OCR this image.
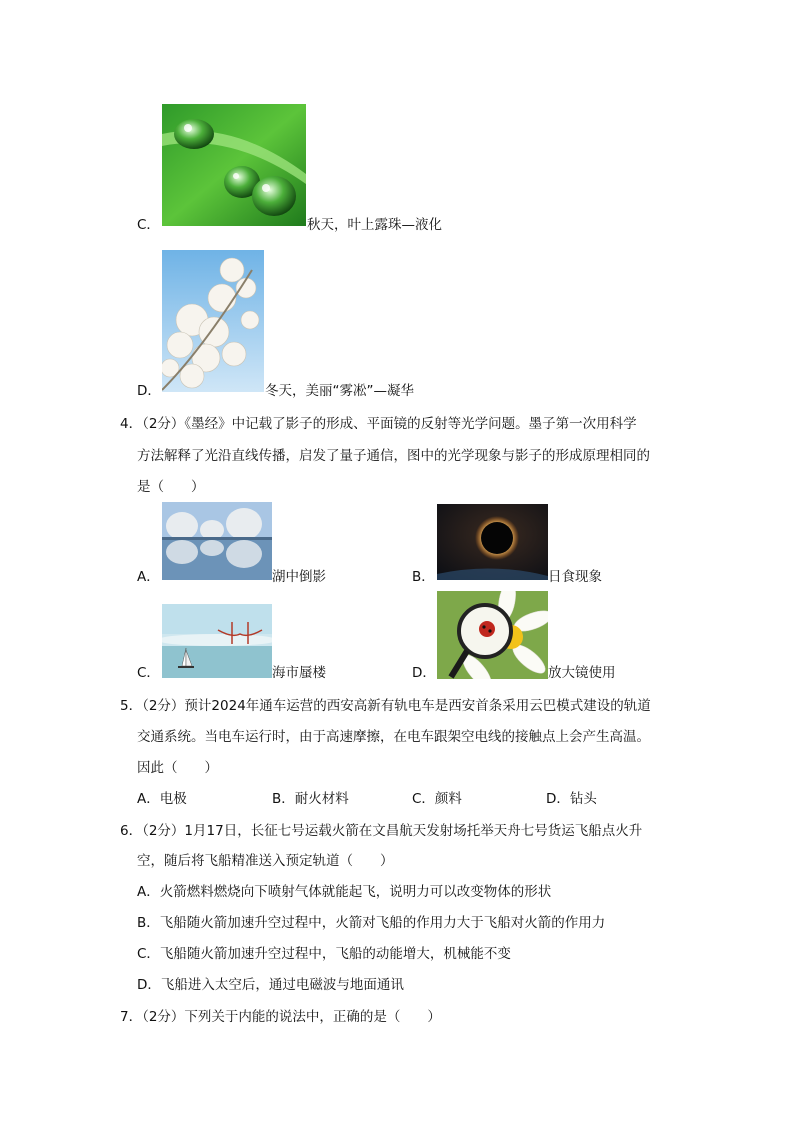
C．	秋天，叶上露珠—液化
D．	冬天，美丽“雾凇”—凝华
4．（2分）《墨经》中记载了影子的形成、平面镜的反射等光学问题。墨子第一次用科学
方法解释了光沿直线传播，启发了量子通信，图中的光学现象与影子的形成原理相同的
是（　　）
A．	湖中倒影	B．	日食现象
C．	海市蜃楼	D．	放大镜使用
5．（2分）预计2024年通车运营的西安高新有轨电车是西安首条采用云巴模式建设的轨道
交通系统。当电车运行时，由于高速摩擦，在电车跟架空电线的接触点上会产生高温。
因此（　　）
A．电极	B．耐火材料	C．颜料	D．钻头
6．（2分）1月17日，长征七号运载火箭在文昌航天发射场托举天舟七号货运飞船点火升
空，随后将飞船精准送入预定轨道（　　）
A．火箭燃料燃烧向下喷射气体就能起飞，说明力可以改变物体的形状
B．飞船随火箭加速升空过程中，火箭对飞船的作用力大于飞船对火箭的作用力
C．飞船随火箭加速升空过程中，飞船的动能增大，机械能不变
D．飞船进入太空后，通过电磁波与地面通讯
7．（2分）下列关于内能的说法中，正确的是（　　）
